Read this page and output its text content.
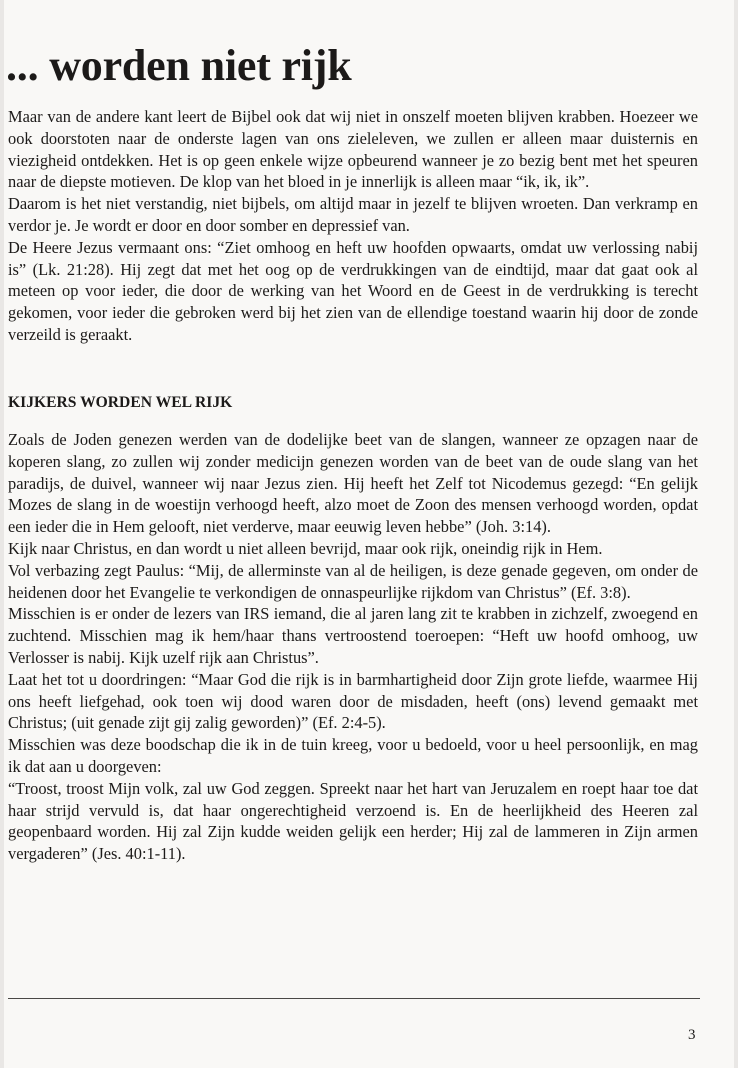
... worden niet rijk

Maar van de andere kant leert de Bijbel ook dat wij niet in onszelf moeten blijven krabben. Hoezeer we ook doorstoten naar de onderste lagen van ons zieleleven, we zullen er alleen maar duisternis en viezigheid ontdekken. Het is op geen enkele wijze opbeurend wanneer je zo bezig bent met het speuren naar de diepste motieven. De klop van het bloed in je innerlijk is alleen maar “ik, ik, ik”.

Daarom is het niet verstandig, niet bijbels, om altijd maar in jezelf te blijven wroeten. Dan verkramp en verdor je. Je wordt er door en door somber en depressief van.

De Heere Jezus vermaant ons: “Ziet omhoog en heft uw hoofden opwaarts, omdat uw verlossing nabij is” (Lk. 21:28). Hij zegt dat met het oog op de verdrukkingen van de eindtijd, maar dat gaat ook al meteen op voor ieder, die door de werking van het Woord en de Geest in de verdrukking is terecht gekomen, voor ieder die gebroken werd bij het zien van de ellendige toestand waarin hij door de zonde verzeild is geraakt.

KIJKERS WORDEN WEL RIJK

Zoals de Joden genezen werden van de dodelijke beet van de slangen, wanneer ze opzagen naar de koperen slang, zo zullen wij zonder medicijn genezen worden van de beet van de oude slang van het paradijs, de duivel, wanneer wij naar Jezus zien. Hij heeft het Zelf tot Nicodemus gezegd: “En gelijk Mozes de slang in de woestijn verhoogd heeft, alzo moet de Zoon des mensen verhoogd worden, opdat een ieder die in Hem gelooft, niet verderve, maar eeuwig leven hebbe” (Joh. 3:14).

Kijk naar Christus, en dan wordt u niet alleen bevrijd, maar ook rijk, oneindig rijk in Hem.

Vol verbazing zegt Paulus: “Mij, de allerminste van al de heiligen, is deze genade gegeven, om onder de heidenen door het Evangelie te verkondigen de onnaspeurlijke rijkdom van Christus” (Ef. 3:8).

Misschien is er onder de lezers van IRS iemand, die al jaren lang zit te krabben in zichzelf, zwoegend en zuchtend. Misschien mag ik hem/haar thans vertroostend toeroepen: “Heft uw hoofd omhoog, uw Verlosser is nabij. Kijk uzelf rijk aan Christus”.

Laat het tot u doordringen: “Maar God die rijk is in barmhartigheid door Zijn grote liefde, waarmee Hij ons heeft liefgehad, ook toen wij dood waren door de misdaden, heeft (ons) levend gemaakt met Christus; (uit genade zijt gij zalig geworden)” (Ef. 2:4-5).

Misschien was deze boodschap die ik in de tuin kreeg, voor u bedoeld, voor u heel persoonlijk, en mag ik dat aan u doorgeven:

“Troost, troost Mijn volk, zal uw God zeggen. Spreekt naar het hart van Jeruzalem en roept haar toe dat haar strijd vervuld is, dat haar ongerechtigheid verzoend is. En de heerlijkheid des Heeren zal geopenbaard worden. Hij zal Zijn kudde weiden gelijk een herder; Hij zal de lammeren in Zijn armen vergaderen” (Jes. 40:1-11).

3
